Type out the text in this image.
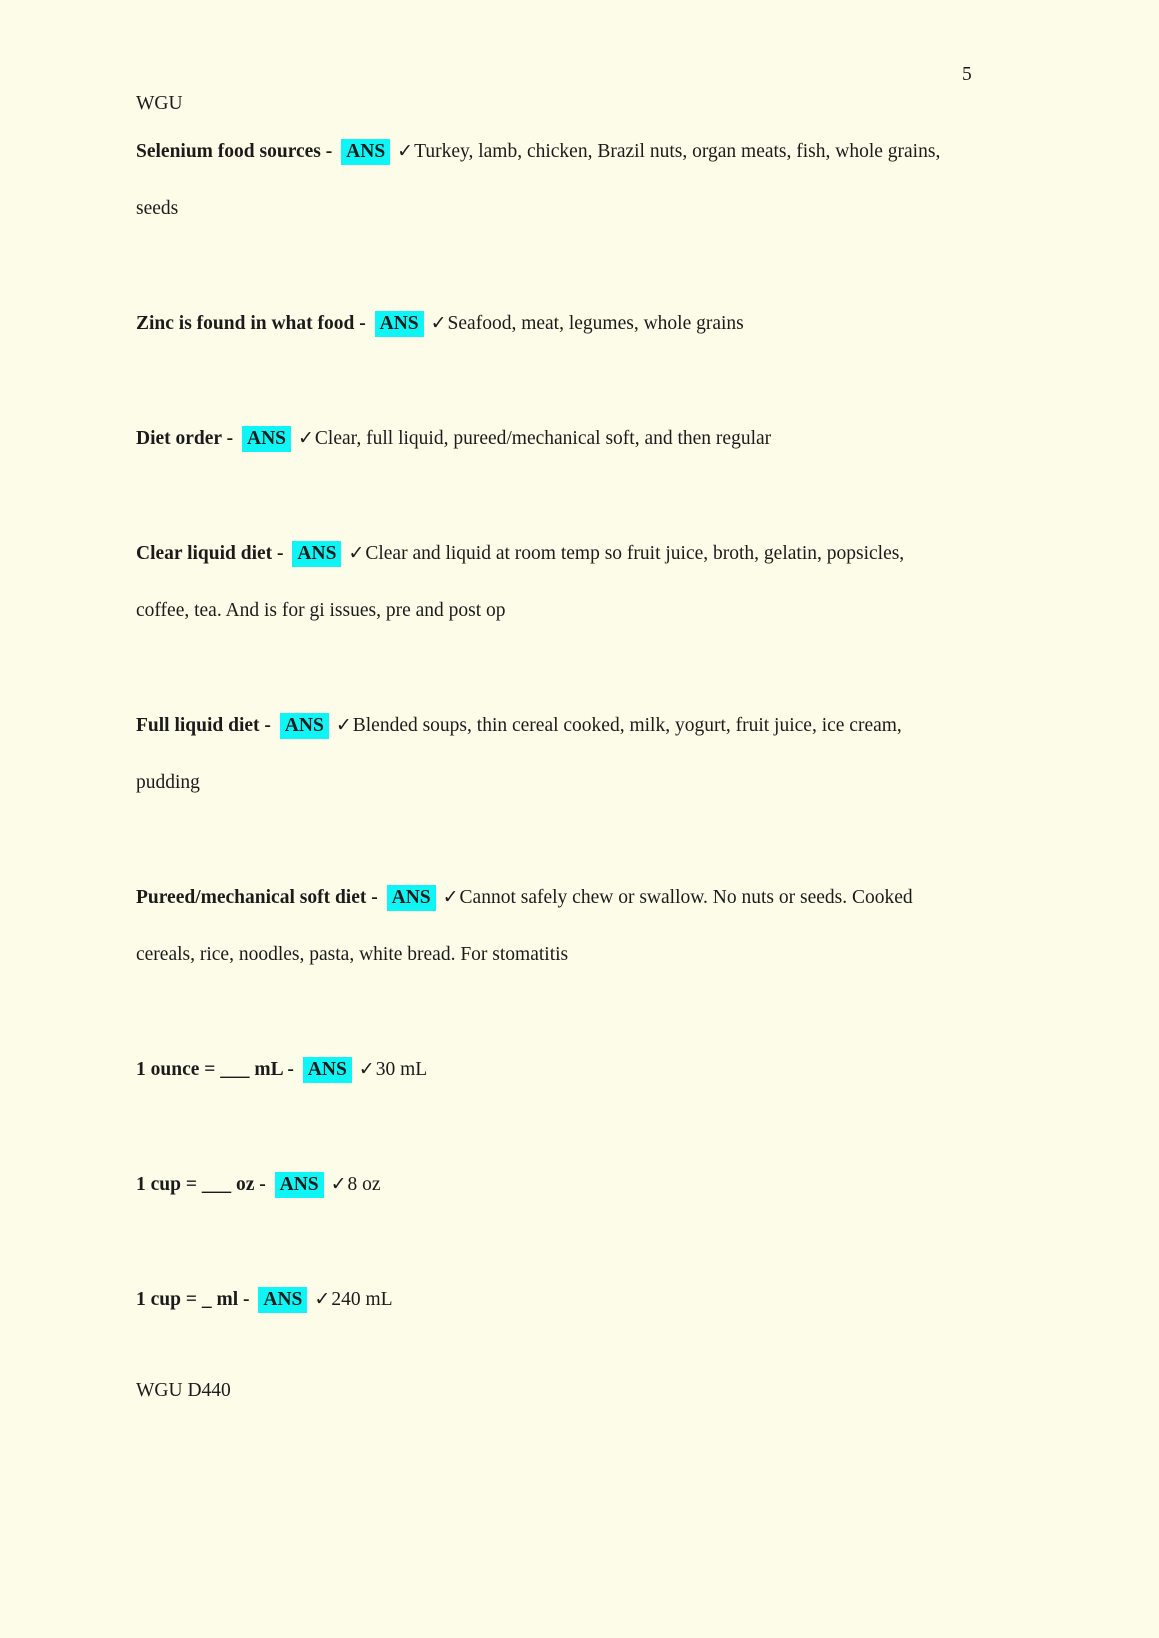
5
WGU

Selenium food sources - ANS ✓Turkey, lamb, chicken, Brazil nuts, organ meats, fish, whole grains, seeds

Zinc is found in what food - ANS ✓Seafood, meat, legumes, whole grains

Diet order - ANS ✓Clear, full liquid, pureed/mechanical soft, and then regular

Clear liquid diet - ANS ✓Clear and liquid at room temp so fruit juice, broth, gelatin, popsicles, coffee, tea. And is for gi issues, pre and post op

Full liquid diet - ANS ✓Blended soups, thin cereal cooked, milk, yogurt, fruit juice, ice cream, pudding

Pureed/mechanical soft diet - ANS ✓Cannot safely chew or swallow. No nuts or seeds. Cooked cereals, rice, noodles, pasta, white bread. For stomatitis

1 ounce = ___ mL - ANS ✓30 mL

1 cup = ___ oz - ANS ✓8 oz

1 cup = _ ml - ANS ✓240 mL

WGU D440
